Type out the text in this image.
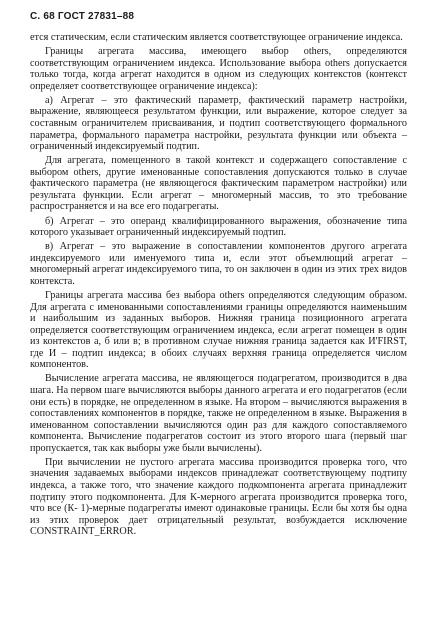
С. 68 ГОСТ 27831–88

ется статическим, если статическим является соответствующее ограничение индекса.

Границы агрегата массива, имеющего выбор others, определяются соответствующим ограничением индекса. Использование выбора others допускается только тогда, когда агрегат находится в одном из следующих контекстов (контекст определяет соответствующее ограничение индекса):

а) Агрегат – это фактический параметр, фактический параметр настройки, выражение, являющееся результатом функции, или выражение, которое следует за составным ограничителем присваивания, и подтип соответствующего формального параметра, формального параметра настройки, результата функции или объекта – ограниченный индексируемый подтип.

Для агрегата, помещенного в такой контекст и содержащего сопоставление с выбором others, другие именованные сопоставления допускаются только в случае фактического параметра (не являющегося фактическим параметром настройки) или результата функции. Если агрегат – многомерный массив, то это требование распространяется и на все его подагрегаты.

б) Агрегат – это операнд квалифицированного выражения, обозначение типа которого указывает ограниченный индексируемый подтип.

в) Агрегат – это выражение в сопоставлении компонентов другого агрегата индексируемого или именуемого типа и, если этот объемлющий агрегат – многомерный агрегат индексируемого типа, то он заключен в один из этих трех видов контекста.

Границы агрегата массива без выбора others определяются следующим образом. Для агрегата с именованными сопоставлениями границы определяются наименьшим и наибольшим из заданных выборов. Нижняя граница позиционного агрегата определяется соответствующим ограничением индекса, если агрегат помещен в один из контекстов а, б или в; в противном случае нижняя граница задается как И'FIRST, где И – подтип индекса; в обоих случаях верхняя граница определяется числом компонентов.

Вычисление агрегата массива, не являющегося подагрегатом, производится в два шага. На первом шаге вычисляются выборы данного агрегата и его подагрегатов (если они есть) в порядке, не определенном в языке. На втором – вычисляются выражения в сопоставлениях компонентов в порядке, также не определенном в языке. Выражения в именованном сопоставлении вычисляются один раз для каждого сопоставляемого компонента. Вычисление подагрегатов состоит из этого второго шага (первый шаг пропускается, так как выборы уже были вычислены).

При вычислении не пустого агрегата массива производится проверка того, что значения задаваемых выборами индексов принадлежат соответствующему подтипу индекса, а также того, что значение каждого подкомпонента агрегата принадлежит подтипу этого подкомпонента. Для К-мерного агрегата производится проверка того, что все (К- 1)-мерные подагрегаты имеют одинаковые границы. Если бы хотя бы одна из этих проверок дает отрицательный результат, возбуждается исключение CONSTRAINT_ERROR.
